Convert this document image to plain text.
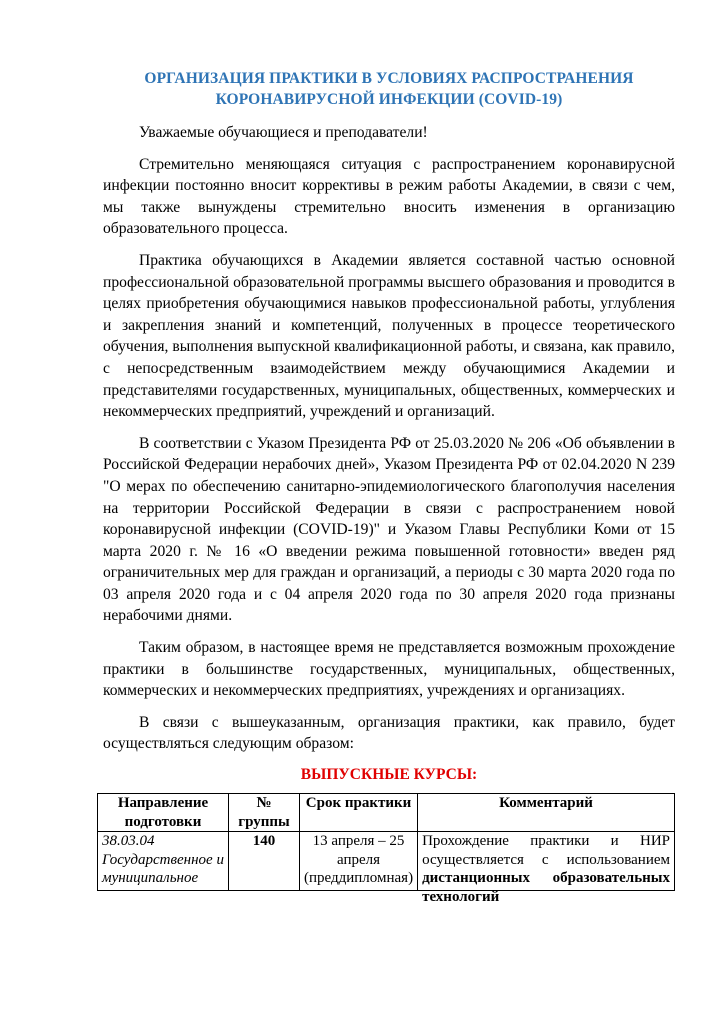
ОРГАНИЗАЦИЯ ПРАКТИКИ В УСЛОВИЯХ РАСПРОСТРАНЕНИЯ
КОРОНАВИРУСНОЙ ИНФЕКЦИИ (COVID-19)

Уважаемые обучающиеся и преподаватели!

Стремительно меняющаяся ситуация с распространением коронавирусной инфекции постоянно вносит коррективы в режим работы Академии, в связи с чем, мы также вынуждены стремительно вносить изменения в организацию образовательного процесса.

Практика обучающихся в Академии является составной частью основной профессиональной образовательной программы высшего образования и проводится в целях приобретения обучающимися навыков профессиональной работы, углубления и закрепления знаний и компетенций, полученных в процессе теоретического обучения, выполнения выпускной квалификационной работы, и связана, как правило, с непосредственным взаимодействием между обучающимися Академии и представителями государственных, муниципальных, общественных, коммерческих и некоммерческих предприятий, учреждений и организаций.

В соответствии с Указом Президента РФ от 25.03.2020 № 206 «Об объявлении в Российской Федерации нерабочих дней», Указом Президента РФ от 02.04.2020 N 239 "О мерах по обеспечению санитарно-эпидемиологического благополучия населения на территории Российской Федерации в связи с распространением новой коронавирусной инфекции (COVID-19)" и Указом Главы Республики Коми от 15 марта 2020 г. № 16 «О введении режима повышенной готовности» введен ряд ограничительных мер для граждан и организаций, а периоды с 30 марта 2020 года по 03 апреля 2020 года и с 04 апреля 2020 года по 30 апреля 2020 года признаны нерабочими днями.

Таким образом, в настоящее время не представляется возможным прохождение практики в большинстве государственных, муниципальных, общественных, коммерческих и некоммерческих предприятиях, учреждениях и организациях.

В связи с вышеуказанным, организация практики, как правило, будет осуществляться следующим образом:

ВЫПУСКНЫЕ КУРСЫ:
Направление подготовки	№ группы	Срок практики	Комментарий

38.03.04 Государственное и муниципальное	140	13 апреля – 25 апреля (преддипломная)	Прохождение практики и НИР осуществляется с использованием дистанционных образовательных технологий
